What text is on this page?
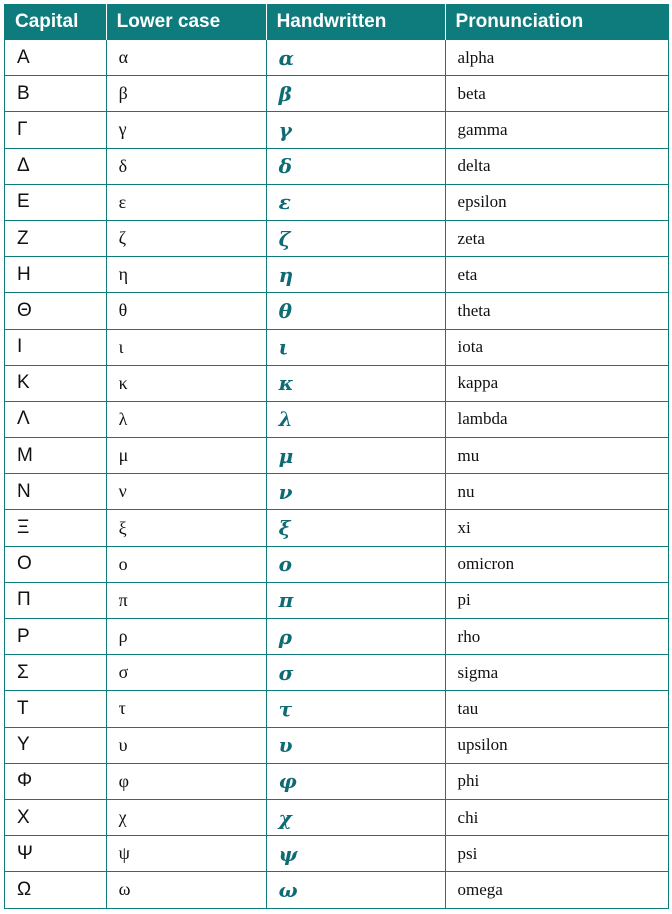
Capital	Lower case	Handwritten	Pronunciation
Α	α	α	alpha
Β	β	β	beta
Γ	γ	γ	gamma
Δ	δ	δ	delta
Ε	ε	ε	epsilon
Ζ	ζ	ζ	zeta
Η	η	η	eta
Θ	θ	θ	theta
Ι	ι	ι	iota
Κ	κ	κ	kappa
Λ	λ	λ	lambda
Μ	μ	μ	mu
Ν	ν	ν	nu
Ξ	ξ	ξ	xi
Ο	ο	ο	omicron
Π	π	π	pi
Ρ	ρ	ρ	rho
Σ	σ	σ	sigma
Τ	τ	τ	tau
Υ	υ	υ	upsilon
Φ	φ	φ	phi
Χ	χ	χ	chi
Ψ	ψ	ψ	psi
Ω	ω	ω	omega
